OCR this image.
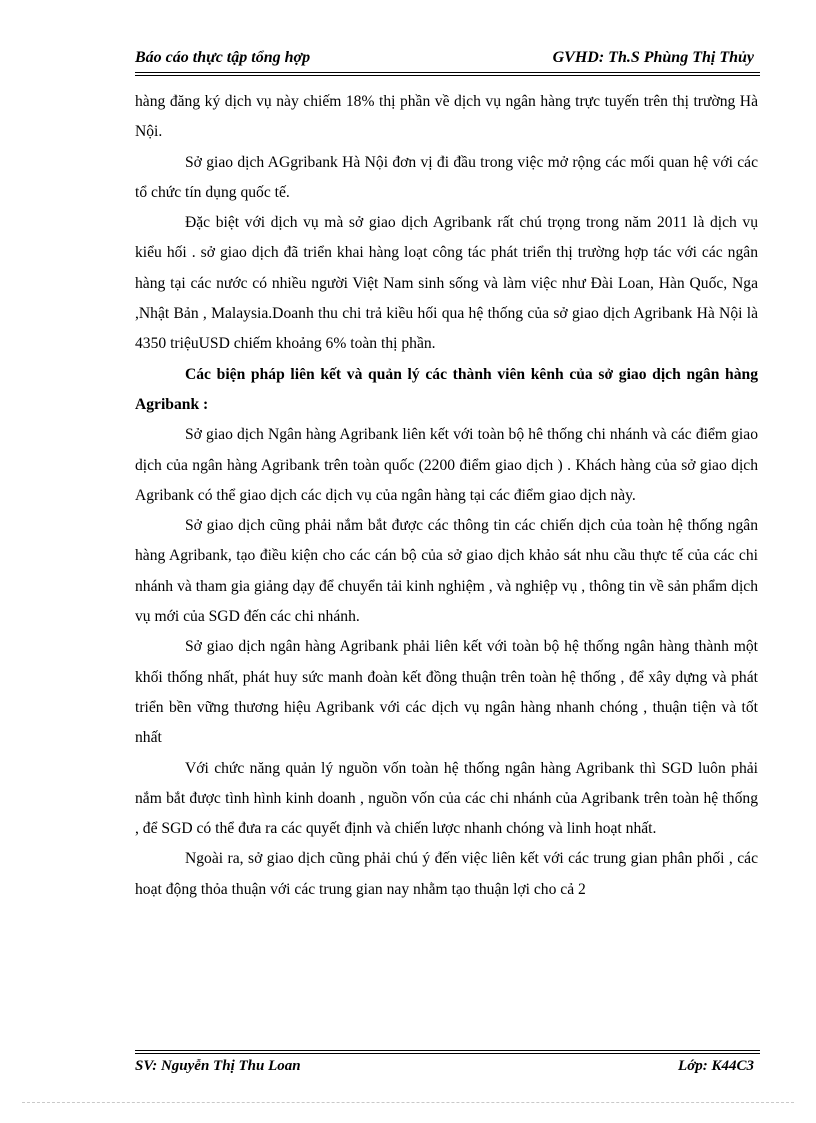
Báo cáo thực tập tổng hợp	GVHD: Th.S Phùng Thị Thủy

hàng đăng ký dịch vụ này chiếm 18% thị phần về dịch vụ ngân hàng trực tuyến trên thị trường Hà Nội.

Sở giao dịch AGgribank Hà Nội đơn vị đi đầu trong việc mở rộng các mối quan hệ với các tổ chức tín dụng quốc tế.

Đặc biệt với dịch vụ mà sở giao dịch Agribank rất chú trọng trong năm 2011 là dịch vụ kiểu hối . sở giao dịch đã triển khai hàng loạt công tác phát triển thị trường hợp tác với các ngân hàng tại các nước có nhiều người Việt Nam sinh sống và làm việc như Đài Loan, Hàn Quốc, Nga ,Nhật Bản , Malaysia.Doanh thu chi trả kiều hối qua hệ thống của sở giao dịch Agribank Hà Nội là 4350 triệuUSD chiếm khoảng 6% toàn thị phần.

Các biện pháp liên kết và quản lý các thành viên kênh của sở giao dịch ngân hàng Agribank :

Sở giao dịch Ngân hàng Agribank liên kết với toàn bộ hê thống chi nhánh và các điểm giao dịch của ngân hàng Agribank trên toàn quốc (2200 điểm giao dịch ) . Khách hàng của sở giao dịch Agribank có thể giao dịch các dịch vụ của ngân hàng tại các điểm giao dịch này.

Sở giao dịch cũng phải nắm bắt được các thông tin các chiến dịch của toàn hệ thống ngân hàng Agribank, tạo điều kiện cho các cán bộ của sở giao dịch khảo sát nhu cầu thực tế của các chi nhánh và tham gia giảng dạy để chuyển tải kinh nghiệm , và nghiệp vụ , thông tin về sản phẩm dịch vụ mới của SGD đến các chi nhánh.

Sở giao dịch ngân hàng Agribank phải liên kết với toàn bộ hệ thống ngân hàng thành một khối thống nhất, phát huy sức manh đoàn kết đồng thuận trên toàn hệ thống , để xây dựng và phát triển bền vững thương hiệu Agribank với các dịch vụ ngân hàng nhanh chóng , thuận tiện và tốt nhất

Với chức năng quản lý nguồn vốn toàn hệ thống ngân hàng Agribank thì SGD luôn phải nắm bắt được tình hình kinh doanh , nguồn vốn của các chi nhánh của Agribank trên toàn hệ thống , để SGD có thể đưa ra các quyết định và chiến lược nhanh chóng và linh hoạt nhất.

Ngoài ra, sở giao dịch cũng phải chú ý đến việc liên kết với các trung gian phân phối , các hoạt động thỏa thuận với các trung gian nay nhằm tạo thuận lợi cho cả 2

SV: Nguyễn Thị Thu Loan	Lớp: K44C3
